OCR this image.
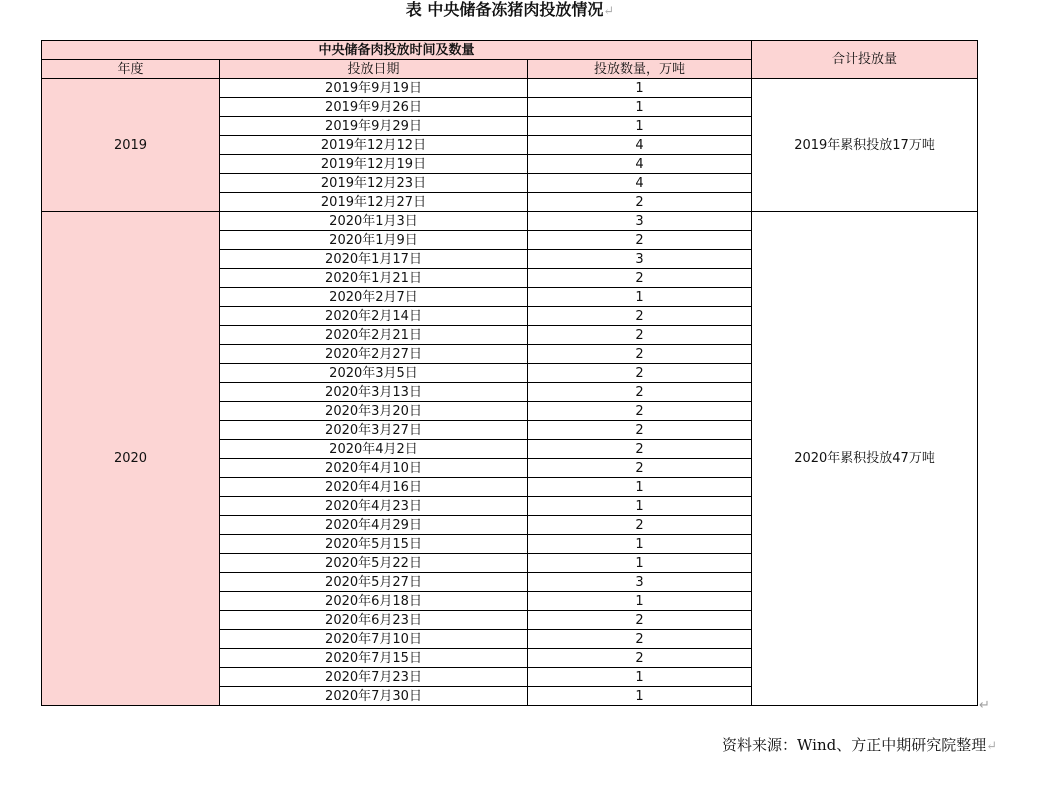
表 中央储备冻猪肉投放情况↵
中央储备肉投放时间及数量			合计投放量
年度	投放日期	投放数量，万吨	
2019	2019年9月19日	1	2019年累积投放17万吨
	2019年9月26日	1	
	2019年9月29日	1	
	2019年12月12日	4	
	2019年12月19日	4	
	2019年12月23日	4	
	2019年12月27日	2	
2020	2020年1月3日	3	2020年累积投放47万吨
	2020年1月9日	2	
	2020年1月17日	3	
	2020年1月21日	2	
	2020年2月7日	1	
	2020年2月14日	2	
	2020年2月21日	2	
	2020年2月27日	2	
	2020年3月5日	2	
	2020年3月13日	2	
	2020年3月20日	2	
	2020年3月27日	2	
	2020年4月2日	2	
	2020年4月10日	2	
	2020年4月16日	1	
	2020年4月23日	1	
	2020年4月29日	2	
	2020年5月15日	1	
	2020年5月22日	1	
	2020年5月27日	3	
	2020年6月18日	1	
	2020年6月23日	2	
	2020年7月10日	2	
	2020年7月15日	2	
	2020年7月23日	1	
	2020年7月30日	1	
↵
资料来源：Wind、方正中期研究院整理↵
